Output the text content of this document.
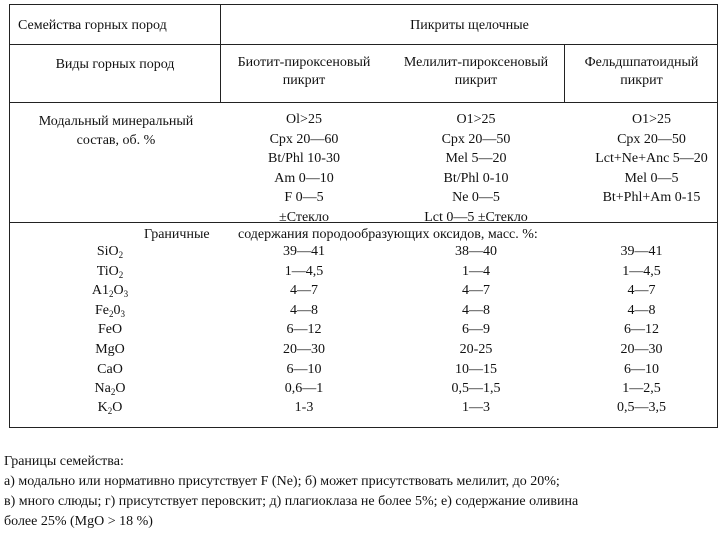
Семейства горных пород	Пикриты щелочные
Виды горных пород	Биотит-пироксеновый
пикрит
Мелилит-пироксеновый
пикрит
Фельдшпатоидный
пикрит
Модальный минеральный
состав, об. %
Ol>25
Cpx 20—60
Bt/Phl 10-30
Am 0—10
F 0—5
±Стекло
O1>25
Cpx 20—50
Mel 5—20
Bt/Phl 0-10
Ne 0—5
Lct 0—5 ±Стекло
O1>25
Cpx 20—50
Lct+Ne+Anc 5—20
Mel 0—5
Bt+Phl+Am 0-15
Граничные содержания породообразующих оксидов, масс. %:
SiO$_2$
TiO$_2$
$A1_2O_3$
$Fe_20_3$
FeO
MgO
CaO
$Na_2O$
$K_2O$
39—41
1—4,5
4—7
4—8
6—12
20—30
6—10
0,6—1
1-3
38—40
1—4
4—7
4—8
6—9
20-25
10—15
0,5—1,5
1—3
39—41
1—4,5
4—7
4—8
6—12
20—30
6—10
1—2,5
0,5—3,5
Границы семейства:
а) модально или нормативно присутствует F (Ne); б) может присутствовать мелилит, до 20%;
в) много слюды; г) присутствует перовскит; д) плагиоклаза не более 5%; е) содержание оливина
более 25% (MgO > 18 %)
